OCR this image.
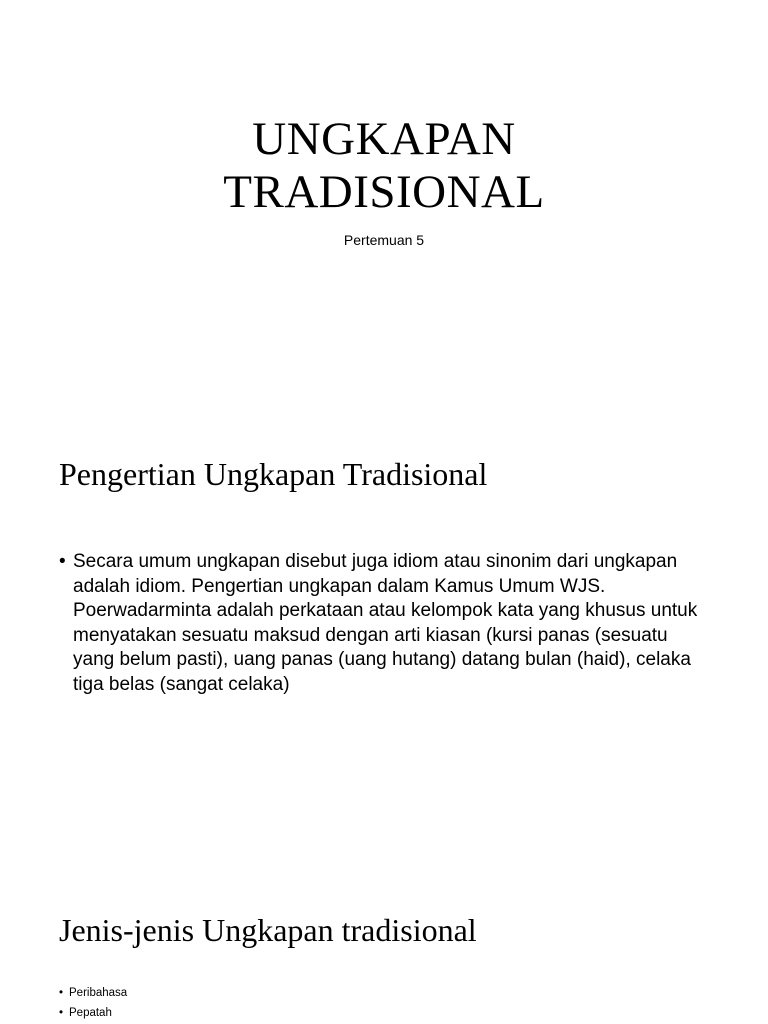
UNGKAPAN
TRADISIONAL
Pertemuan 5
Pengertian Ungkapan Tradisional
• Secara umum ungkapan disebut juga idiom atau sinonim dari ungkapan adalah idiom. Pengertian ungkapan dalam Kamus Umum WJS. Poerwadarminta adalah perkataan atau kelompok kata yang khusus untuk menyatakan sesuatu maksud dengan arti kiasan (kursi panas (sesuatu yang belum pasti), uang panas (uang hutang) datang bulan (haid), celaka tiga belas (sangat celaka)
Jenis-jenis Ungkapan tradisional
• Peribahasa
• Pepatah
